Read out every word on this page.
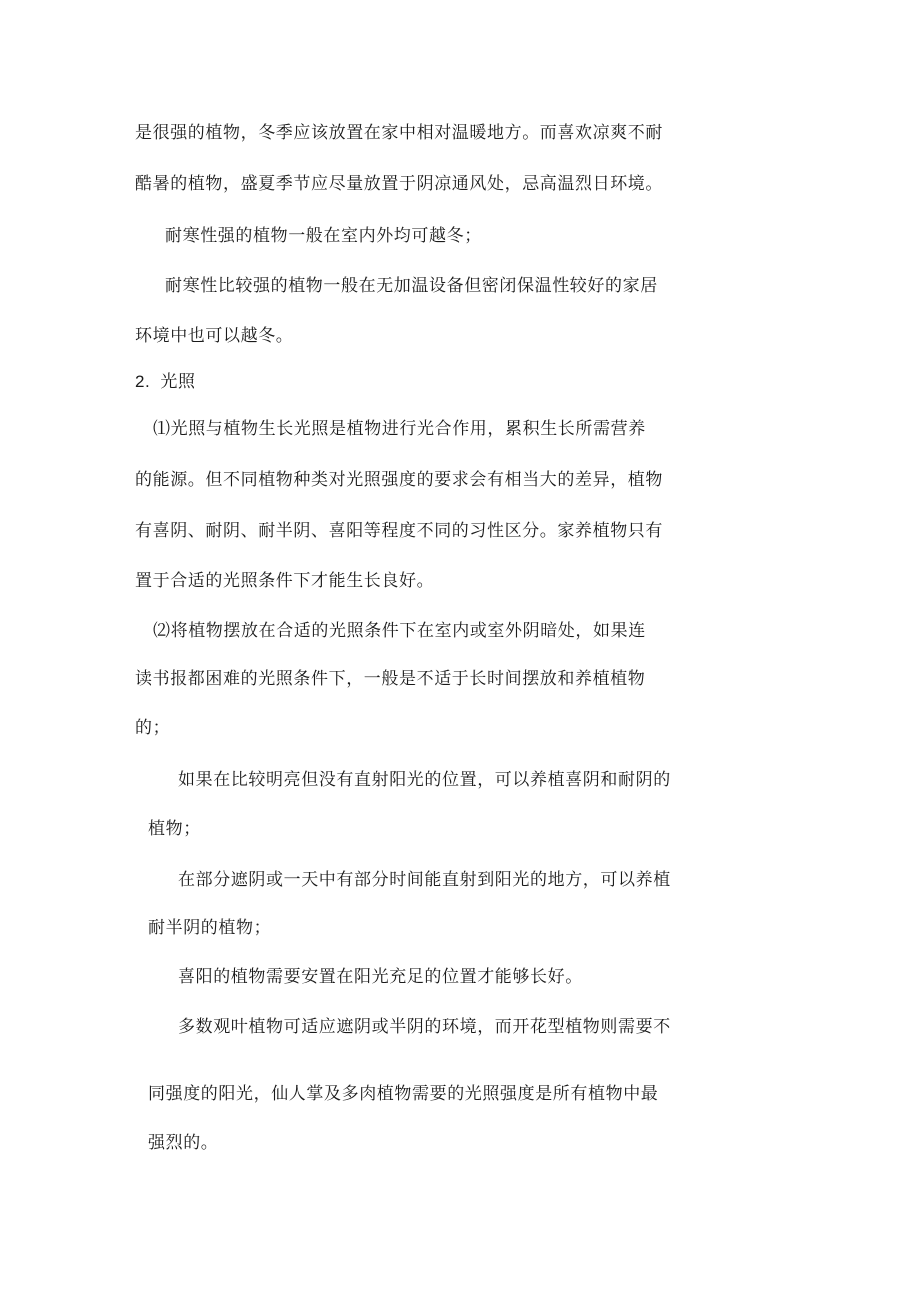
是很强的植物，冬季应该放置在家中相对温暖地方。而喜欢凉爽不耐
酷暑的植物，盛夏季节应尽量放置于阴凉通风处，忌高温烈日环境。
耐寒性强的植物一般在室内外均可越冬；
耐寒性比较强的植物一般在无加温设备但密闭保温性较好的家居
环境中也可以越冬。
2. 光照
⑴光照与植物生长光照是植物进行光合作用，累积生长所需营养
的能源。但不同植物种类对光照强度的要求会有相当大的差异，植物
有喜阴、耐阴、耐半阴、喜阳等程度不同的习性区分。家养植物只有
置于合适的光照条件下才能生长良好。
⑵将植物摆放在合适的光照条件下在室内或室外阴暗处，如果连
读书报都困难的光照条件下，一般是不适于长时间摆放和养植植物
的；
如果在比较明亮但没有直射阳光的位置，可以养植喜阴和耐阴的
植物；
在部分遮阴或一天中有部分时间能直射到阳光的地方，可以养植
耐半阴的植物；
喜阳的植物需要安置在阳光充足的位置才能够长好。
多数观叶植物可适应遮阴或半阴的环境，而开花型植物则需要不
同强度的阳光，仙人掌及多肉植物需要的光照强度是所有植物中最
强烈的。
